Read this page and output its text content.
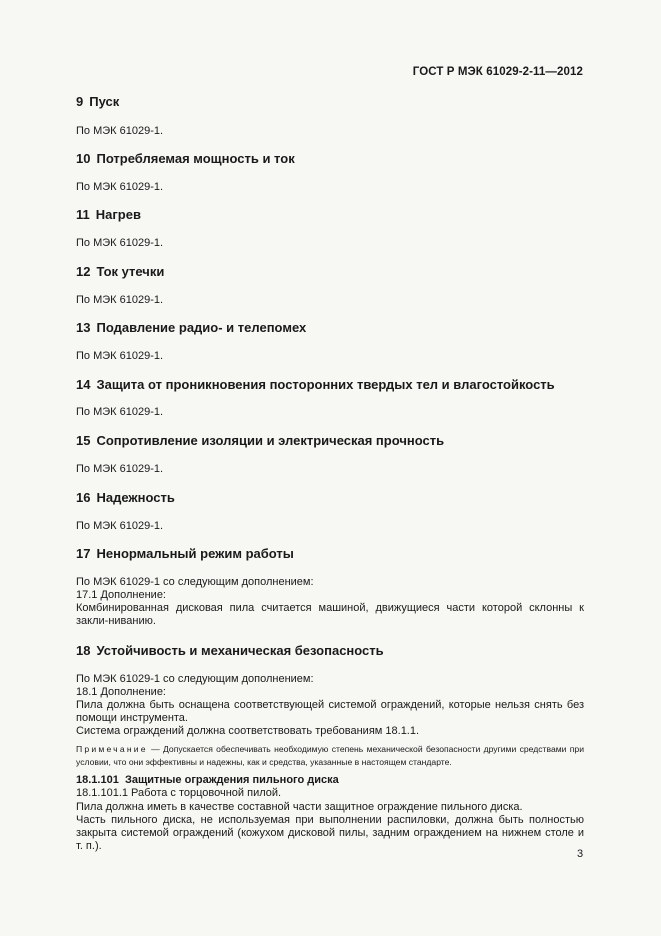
ГОСТ Р МЭК 61029-2-11—2012
9 Пуск
По МЭК 61029-1.
10 Потребляемая мощность и ток
По МЭК 61029-1.
11 Нагрев
По МЭК 61029-1.
12 Ток утечки
По МЭК 61029-1.
13 Подавление радио- и телепомех
По МЭК 61029-1.
14 Защита от проникновения посторонних твердых тел и влагостойкость
По МЭК 61029-1.
15 Сопротивление изоляции и электрическая прочность
По МЭК 61029-1.
16 Надежность
По МЭК 61029-1.
17 Ненормальный режим работы
По МЭК 61029-1 со следующим дополнением:
17.1 Дополнение:
Комбинированная дисковая пила считается машиной, движущиеся части которой склонны к закли-ниванию.
18 Устойчивость и механическая безопасность
По МЭК 61029-1 со следующим дополнением:
18.1 Дополнение:
Пила должна быть оснащена соответствующей системой ограждений, которые нельзя снять без помощи инструмента.
Система ограждений должна соответствовать требованиям 18.1.1.
Примечание — Допускается обеспечивать необходимую степень механической безопасности другими средствами при условии, что они эффективны и надежны, как и средства, указанные в настоящем стандарте.
18.1.101 Защитные ограждения пильного диска
18.1.101.1 Работа с торцовочной пилой.
Пила должна иметь в качестве составной части защитное ограждение пильного диска.
Часть пильного диска, не используемая при выполнении распиловки, должна быть полностью закрыта системой ограждений (кожухом дисковой пилы, задним ограждением на нижнем столе и т. п.).
3
